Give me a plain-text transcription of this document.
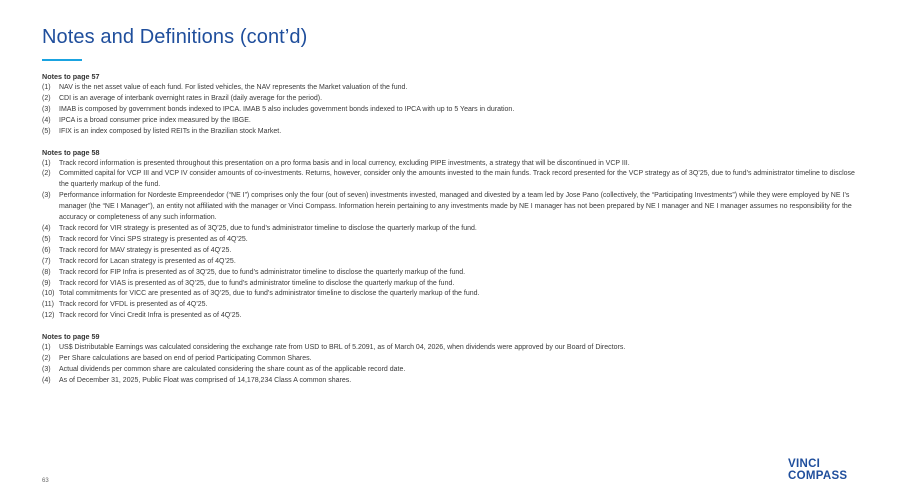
Notes and Definitions (cont’d)
Notes to page 57
(1)	NAV is the net asset value of each fund. For listed vehicles, the NAV represents the Market valuation of the fund.
(2)	CDI is an average of interbank overnight rates in Brazil (daily average for the period).
(3)	IMAB is composed by government bonds indexed to IPCA. IMAB 5 also includes government bonds indexed to IPCA with up to 5 Years in duration.
(4)	IPCA is a broad consumer price index measured by the IBGE.
(5)	IFIX is an index composed by listed REITs in the Brazilian stock Market.
Notes to page 58
(1)	Track record information is presented throughout this presentation on a pro forma basis and in local currency, excluding PIPE investments, a strategy that will be discontinued in VCP III.
(2)	Committed capital for VCP III and VCP IV consider amounts of co-investments. Returns, however, consider only the amounts invested to the main funds. Track record presented for the VCP strategy as of 3Q’25, due to fund’s administrator timeline to disclose the quarterly markup of the fund.
(3)	Performance information for Nordeste Empreendedor (“NE I”) comprises only the four (out of seven) investments invested, managed and divested by a team led by Jose Pano (collectively, the “Participating Investments”) while they were employed by NE I’s manager (the “NE I Manager”), an entity not affiliated with the manager or Vinci Compass. Information herein pertaining to any investments made by NE I manager has not been prepared by NE I manager and NE I manager assumes no responsibility for the accuracy or completeness of any such information.
(4)	Track record for VIR strategy is presented as of 3Q’25, due to fund’s administrator timeline to disclose the quarterly markup of the fund.
(5)	Track record for Vinci SPS strategy is presented as of 4Q’25.
(6)	Track record for MAV strategy is presented as of 4Q’25.
(7)	Track record for Lacan strategy is presented as of 4Q’25.
(8)	Track record for FIP Infra is presented as of 3Q’25, due to fund’s administrator timeline to disclose the quarterly markup of the fund.
(9)	Track record for VIAS is presented as of 3Q’25, due to fund’s administrator timeline to disclose the quarterly markup of the fund.
(10) Total commitments for VICC are presented as of 3Q’25, due to fund’s administrator timeline to disclose the quarterly markup of the fund.
(11) Track record for VFDL is presented as of 4Q’25.
(12) Track record for Vinci Credit Infra is presented as of 4Q’25.
Notes to page 59
(1)	US$ Distributable Earnings was calculated considering the exchange rate from USD to BRL of 5.2091, as of March 04, 2026, when dividends were approved by our Board of Directors.
(2)	Per Share calculations are based on end of period Participating Common Shares.
(3)	Actual dividends per common share are calculated considering the share count as of the applicable record date.
(4)	As of December 31, 2025, Public Float was comprised of 14,178,234 Class A common shares.
63
VINCI
COMPASS
